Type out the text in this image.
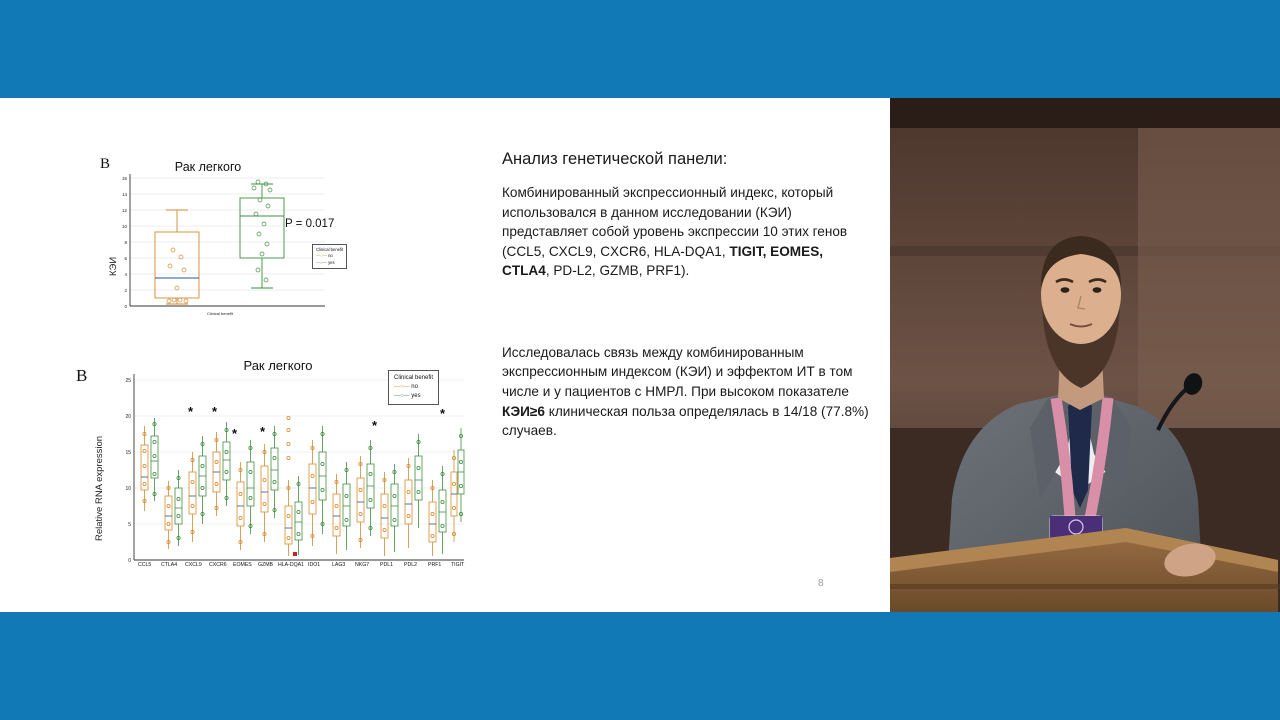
B	Рак легкого
КЭИ
0
2
4
6
8
10
12
14
16
Clinical benefit
P = 0.017
Clinical benefit
—○— no
—○— yes
B
Рак легкого
Relative RNA expression
0
5
10
15
20
25
* *
* *	*
*
CCL5 CTLA4 CXCL9 CXCR6 EOMES GZMB HLA-DQA1 IDO1 LAG3 NKG7 PDL1 PDL2 PRF1 TIGIT
Clinical benefit
—○— no
—○— yes
Анализ генетической панели:

Комбинированный экспрессионный индекс, который использовался в данном исследовании (КЭИ) представляет собой уровень экспрессии 10 этих генов (CCL5, CXCL9, CXCR6, HLA-DQA1, TIGIT, EOMES, CTLA4, PD-L2, GZMB, PRF1).

Исследовалась связь между комбинированным экспрессионным индексом (КЭИ) и эффектом ИТ в том числе и у пациентов с НМРЛ. При высоком показателе КЭИ≥6 клиническая польза определялась в 14/18 (77.8%) случаев.

8
